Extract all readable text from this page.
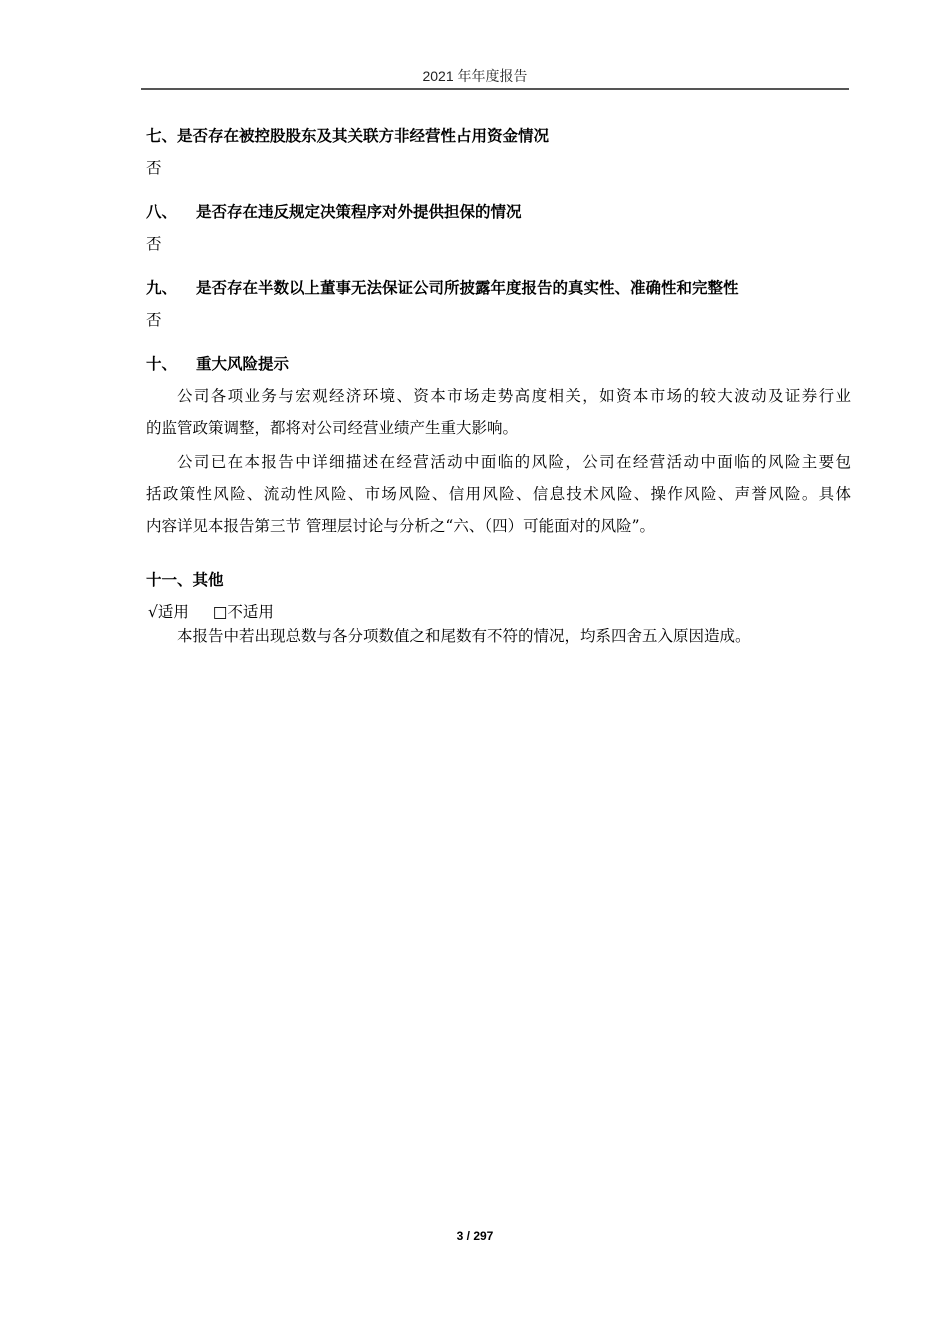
2021 年年度报告
七、是否存在被控股股东及其关联方非经营性占用资金情况
否
八、 是否存在违反规定决策程序对外提供担保的情况
否
九、 是否存在半数以上董事无法保证公司所披露年度报告的真实性、准确性和完整性
否
十、 重大风险提示
公司各项业务与宏观经济环境、资本市场走势高度相关，如资本市场的较大波动及证券行业
的监管政策调整，都将对公司经营业绩产生重大影响。
公司已在本报告中详细描述在经营活动中面临的风险，公司在经营活动中面临的风险主要包
括政策性风险、流动性风险、市场风险、信用风险、信息技术风险、操作风险、声誉风险。具体
内容详见本报告第三节 管理层讨论与分析之“六、（四）可能面对的风险”。
十一、其他
√适用 □不适用
本报告中若出现总数与各分项数值之和尾数有不符的情况，均系四舍五入原因造成。
3 / 297
